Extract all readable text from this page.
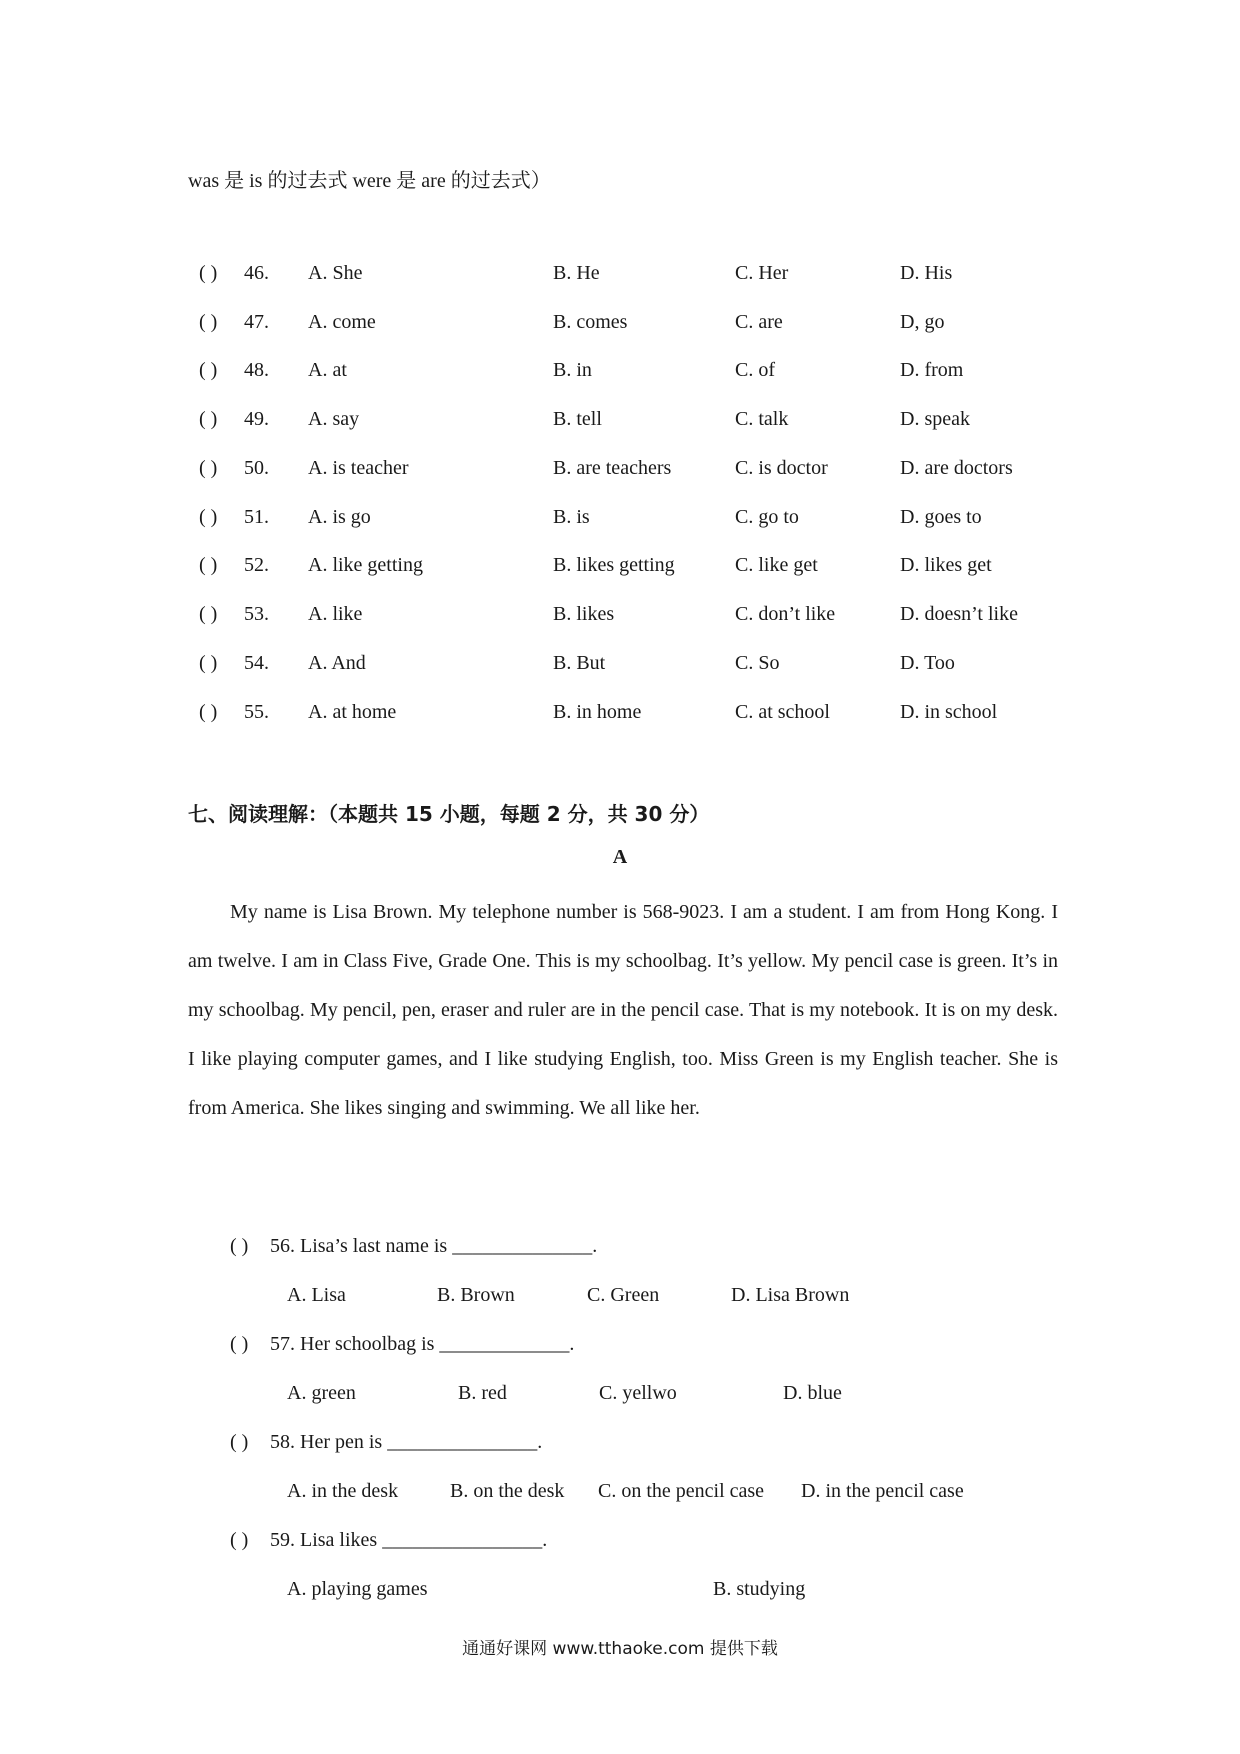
was 是 is 的过去式 were 是 are 的过去式）
( ) 46. A. She	B. He	C. Her	D. His
( ) 47. A. come	B. comes	C. are	D, go
( ) 48. A. at	B. in	C. of	D. from
( ) 49. A. say	B. tell	C. talk	D. speak
( ) 50. A. is teacher	B. are teachers	C. is doctor	D. are doctors
( ) 51. A. is go	B. is	C. go to	D. goes to
( ) 52. A. like getting	B. likes getting	C. like get	D. likes get
( ) 53. A. like	B. likes	C. don’t like	D. doesn’t like
( ) 54. A. And	B. But	C. So	D. Too
( ) 55. A. at home	B. in home	C. at school	D. in school
七、阅读理解：（本题共 15 小题，每题 2 分，共 30 分）
A
My name is Lisa Brown. My telephone number is 568-9023. I am a student. I am from Hong Kong. I am twelve. I am in Class Five, Grade One. This is my schoolbag. It’s yellow. My pencil case is green. It’s in my schoolbag. My pencil, pen, eraser and ruler are in the pencil case. That is my notebook. It is on my desk. I like playing computer games, and I like studying English, too. Miss Green is my English teacher. She is from America. She likes singing and swimming. We all like her.
( ) 56. Lisa’s last name is ______________.
A. Lisa	B. Brown	C. Green	D. Lisa Brown
( ) 57. Her schoolbag is _____________.
A. green	B. red	C. yellwo	D. blue
( ) 58. Her pen is _______________.
A. in the desk	B. on the desk C. on the pencil case D. in the pencil case
( ) 59. Lisa likes ________________.
A. playing games	B. studying
通通好课网 www.tthaoke.com 提供下载
